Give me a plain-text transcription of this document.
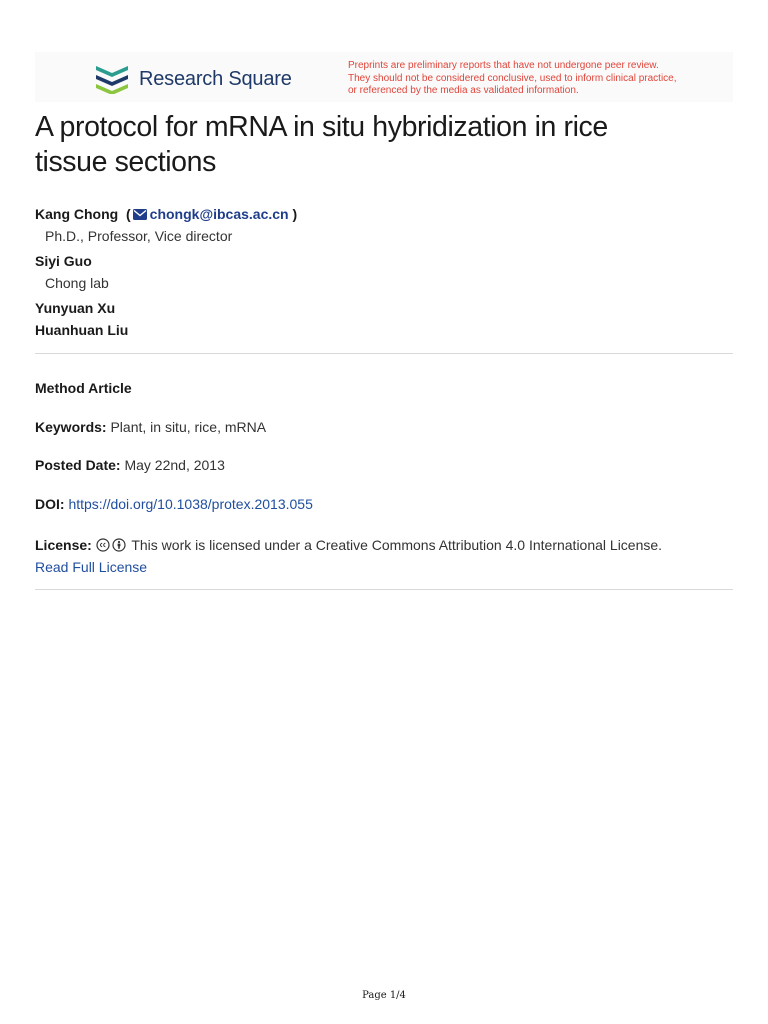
Research Square
Preprints are preliminary reports that have not undergone peer review.
They should not be considered conclusive, used to inform clinical practice,
or referenced by the media as validated information.
A protocol for mRNA in situ hybridization in rice
tissue sections
Kang Chong  ( chongk@ibcas.ac.cn )
Ph.D., Professor, Vice director
Siyi Guo
Chong lab
Yunyuan Xu
Huanhuan Liu
Method Article
Keywords: Plant, in situ, rice, mRNA
Posted Date: May 22nd, 2013
DOI: https://doi.org/10.1038/protex.2013.055
License:	This work is licensed under a Creative Commons Attribution 4.0 International License.
Read Full License
Page 1/4
